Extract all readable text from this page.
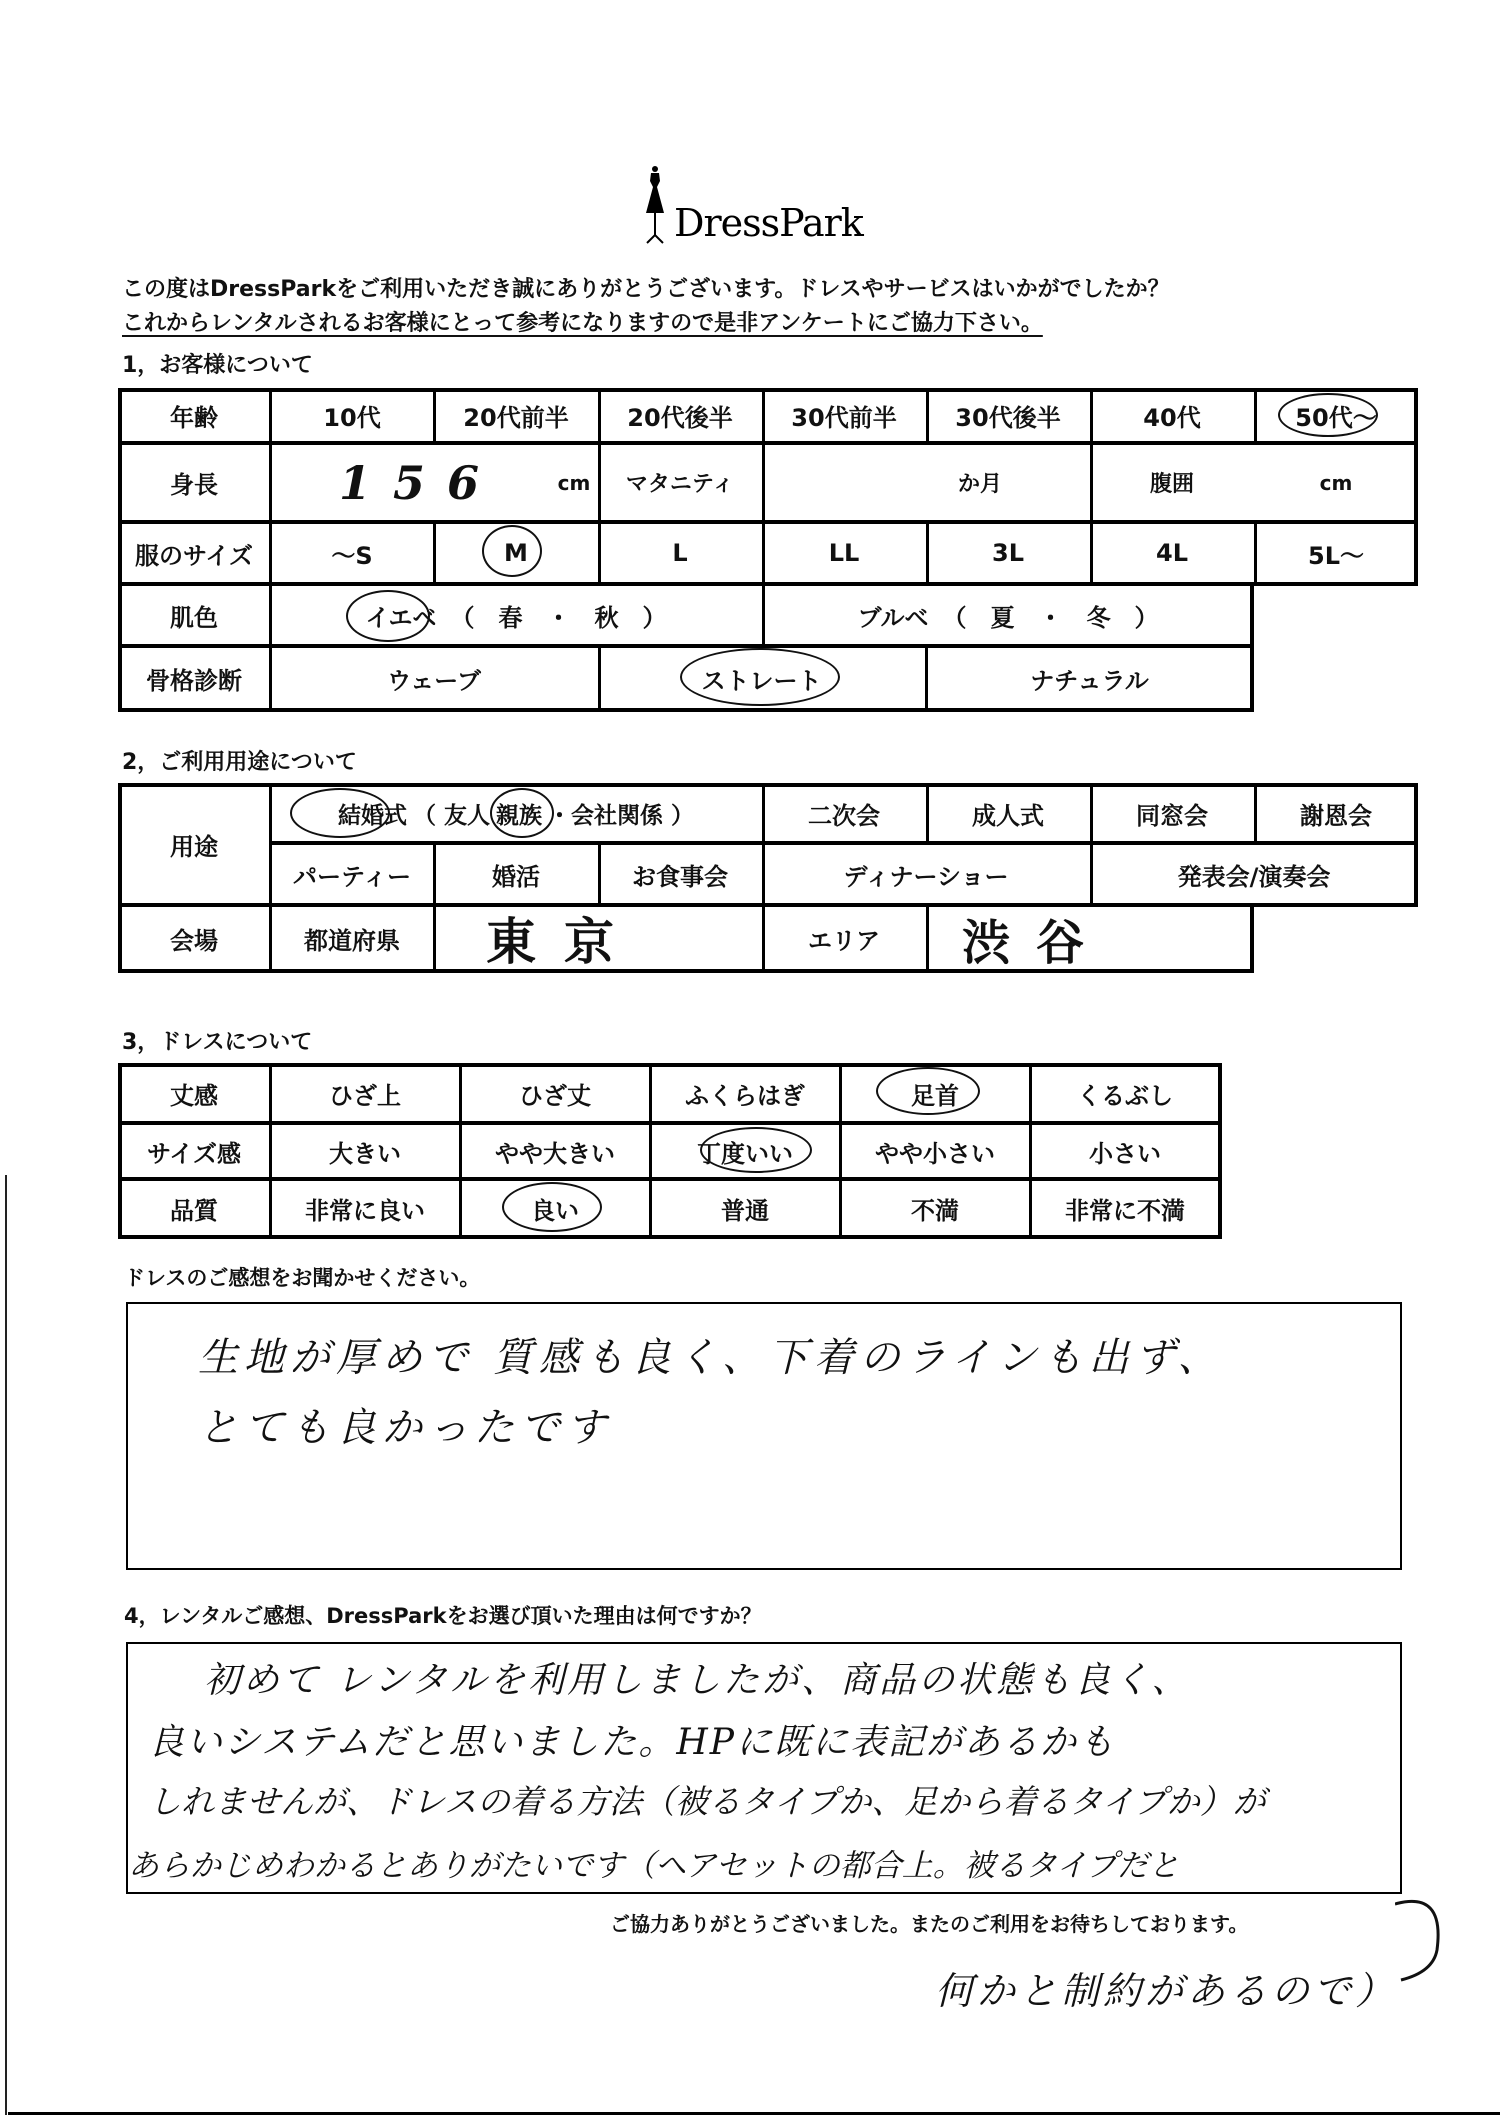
DressPark
この度はDressParkをご利用いただき誠にありがとうございます。ドレスやサービスはいかがでしたか？
これからレンタルされるお客様にとって参考になりますので是非アンケートにご協力下さい。
1，お客様について
年齢	10代	20代前半	20代後半	30代前半	30代後半	40代	50代〜
身長	156	cm	マタニティ	か月	腹囲	cm
服のサイズ	〜S	M	L	LL	3L	4L	5L〜
肌色	イエベ （　春　・　秋　）	ブルベ （　夏　・　冬　）
骨格診断	ウェーブ	ストレート	ナチュラル
2，ご利用用途について
用途
結婚式 （ 友人 親族 ・会社関係 ）	二次会	成人式	同窓会	謝恩会
パーティー	婚活	お食事会	ディナーショー	発表会/演奏会
会場	都道府県	東京	エリア	渋谷
3，ドレスについて
丈感	ひざ上	ひざ丈	ふくらはぎ	足首	くるぶし
サイズ感	大きい	やや大きい	丁度いい	やや小さい	小さい
品質	非常に良い	良い	普通	不満	非常に不満
ドレスのご感想をお聞かせください。
生地が厚めで 質感も良く、下着のラインも出ず、
とても良かったです
4，レンタルご感想、DressParkをお選び頂いた理由は何ですか？
初めて レンタルを利用しましたが、商品の状態も良く、
良いシステムだと思いました。HPに既に表記があるかも
しれませんが、ドレスの着る方法（被るタイプか、足から着るタイプか）が
あらかじめわかるとありがたいです（ヘアセットの都合上。被るタイプだと
ご協力ありがとうございました。またのご利用をお待ちしております。
何かと制約があるので）
